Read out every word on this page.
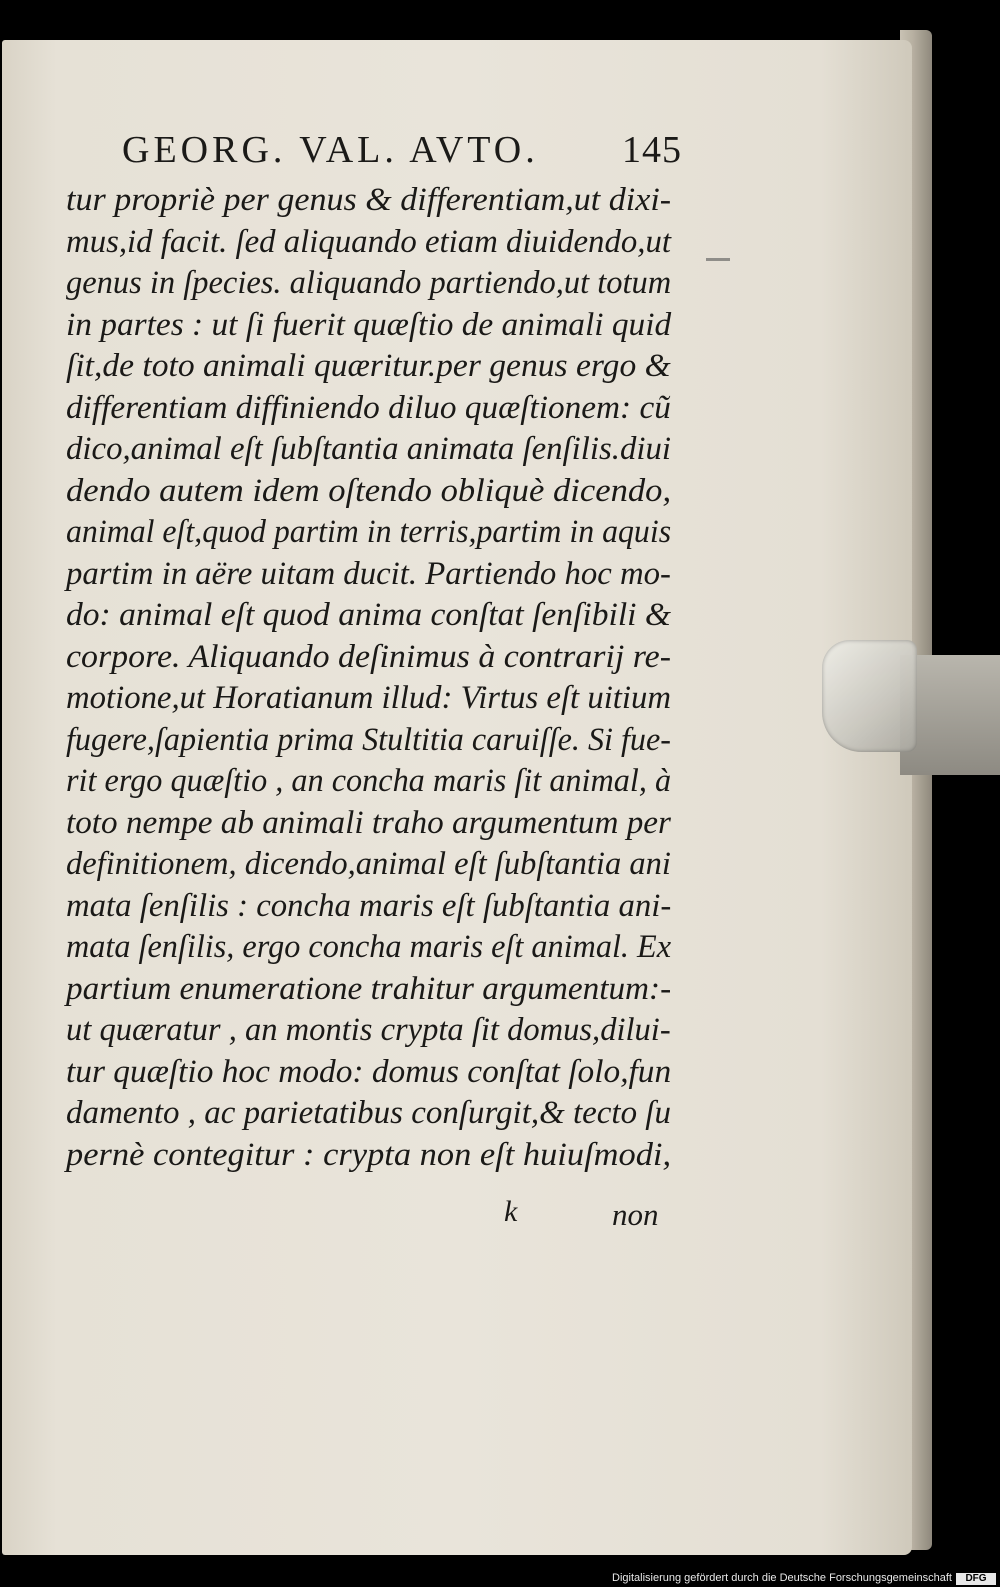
GEORG. VAL. AVTO. 145
tur propriè per genus & differentiam,ut dixi-
mus,id facit. ſed aliquando etiam diuidendo,ut
genus in ſpecies. aliquando partiendo,ut totum
in partes : ut ſi fuerit quæſtio de animali quid
ſit,de toto animali quæritur.per genus ergo &
differentiam diffiniendo diluo quæſtionem: cũ
dico,animal eſt ſubſtantia animata ſenſilis.diui
dendo autem idem oſtendo obliquè dicendo,
animal eſt,quod partim in terris,partim in aquis
partim in aëre uitam ducit. Partiendo hoc mo-
do: animal eſt quod anima conſtat ſenſibili &
corpore. Aliquando deſinimus à contrarij re-
motione,ut Horatianum illud: Virtus eſt uitium
fugere,ſapientia prima Stultitia caruiſſe. Si fue-
rit ergo quæſtio , an concha maris ſit animal, à
toto nempe ab animali traho argumentum per
definitionem, dicendo,animal eſt ſubſtantia ani
mata ſenſilis : concha maris eſt ſubſtantia ani-
mata ſenſilis, ergo concha maris eſt animal. Ex
partium enumeratione trahitur argumentum:-
ut quæratur , an montis crypta ſit domus,dilui-
tur quæſtio hoc modo: domus conſtat ſolo,fun
damento , ac parietatibus conſurgit,& tecto ſu
pernè contegitur : crypta non eſt huiuſmodi,
k	non
Digitalisierung gefördert durch die Deutsche Forschungsgemeinschaft	DFG
